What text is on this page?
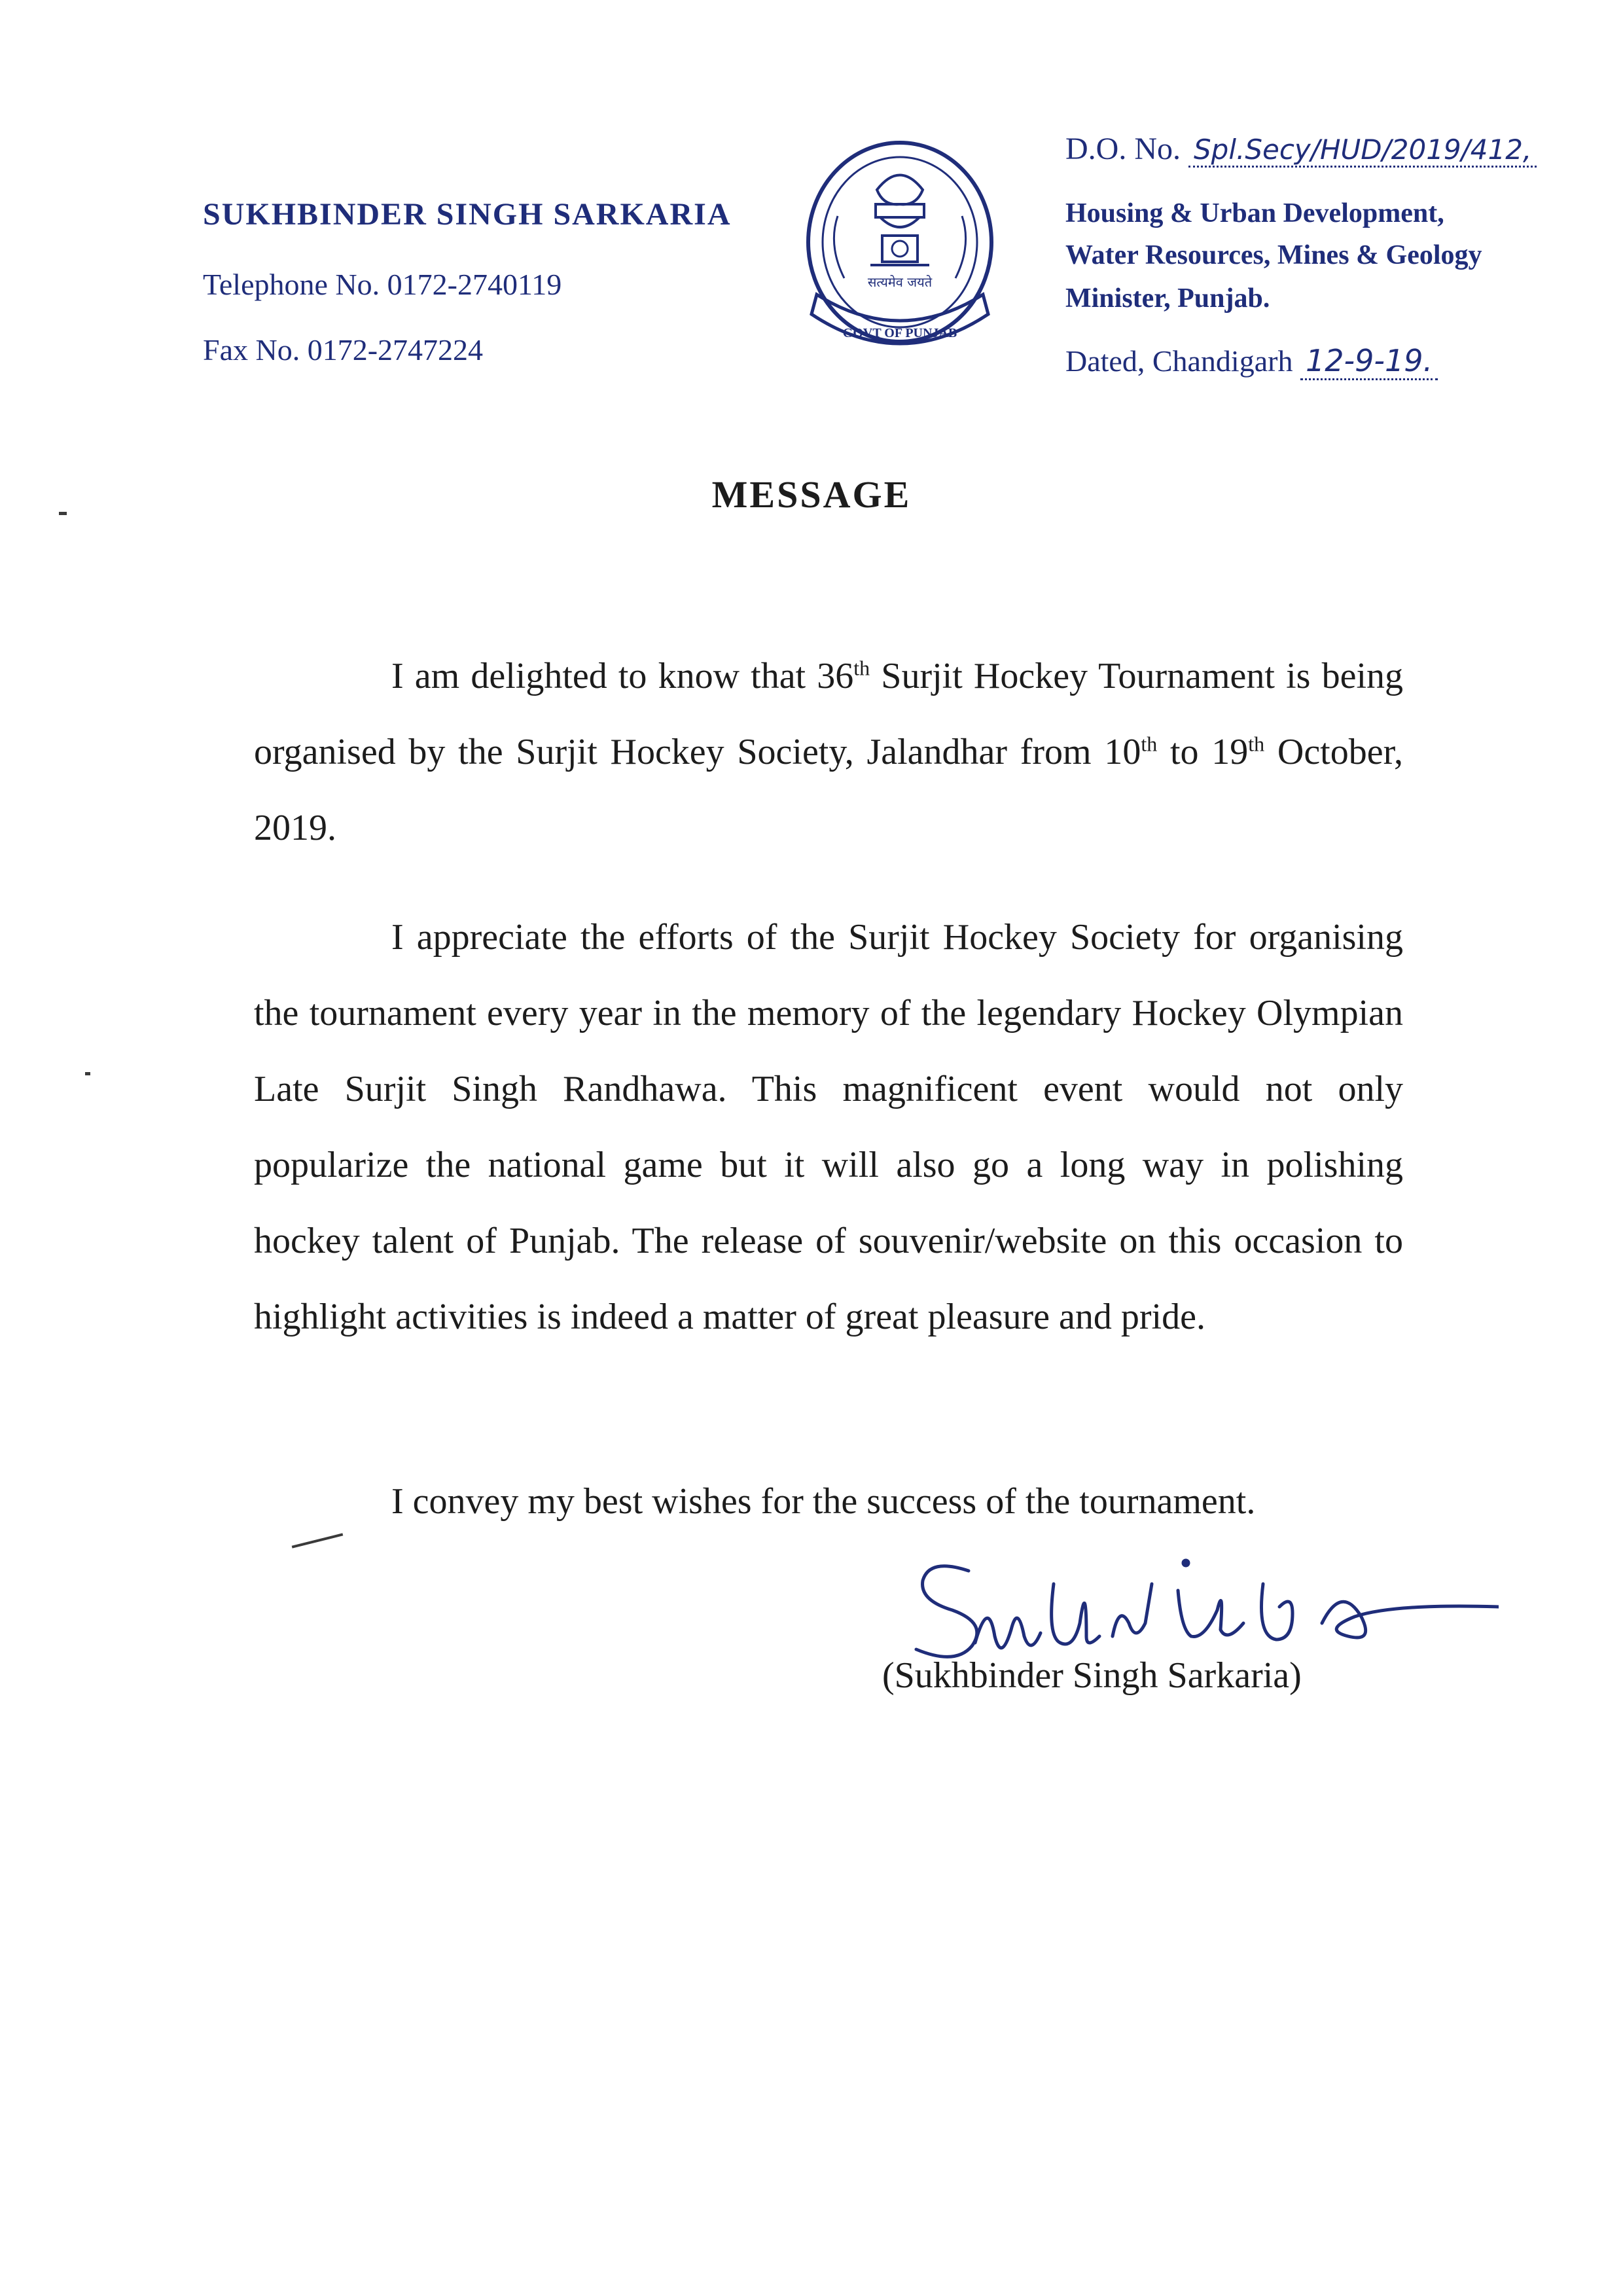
SUKHBINDER SINGH SARKARIA
Telephone No. 0172-2740119
Fax No. 0172-2747224
सत्यमेव जयते
GOVT OF PUNJAB
D.O. No. Spl.Secy/HUD/2019/412,
Housing & Urban Development,
Water Resources, Mines & Geology
Minister, Punjab.
Dated, Chandigarh 12-9-19.
MESSAGE
I am delighted to know that 36th Surjit Hockey Tournament is being organised by the Surjit Hockey Society, Jalandhar from 10th to 19th October, 2019.
I appreciate the efforts of the Surjit Hockey Society for organising the tournament every year in the memory of the legendary Hockey Olympian Late Surjit Singh Randhawa. This magnificent event would not only popularize the national game but it will also go a long way in polishing hockey talent of Punjab. The release of souvenir/website on this occasion to highlight activities is indeed a matter of great pleasure and pride.
I convey my best wishes for the success of the tournament.
(Sukhbinder Singh Sarkaria)
